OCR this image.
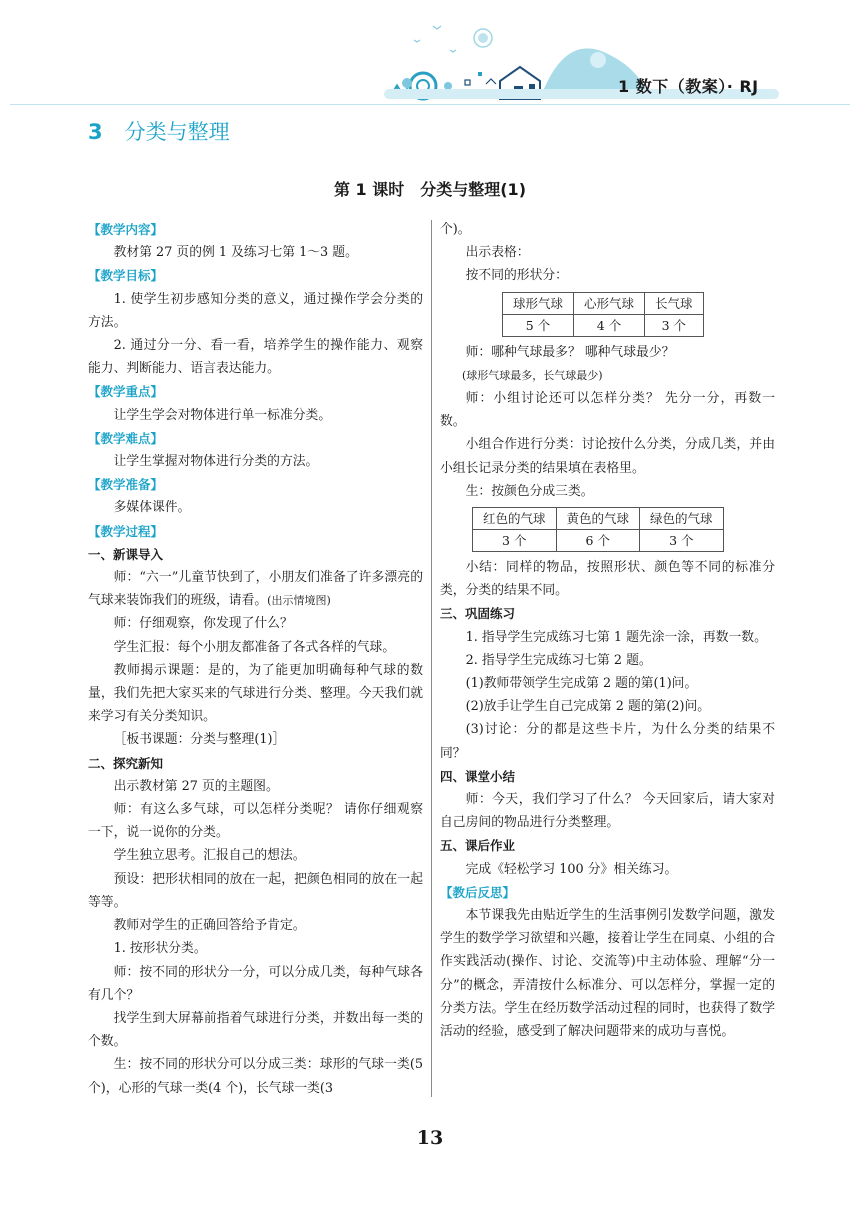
1 数下（教案）· RJ
3 分类与整理
第 1 课时　分类与整理(1)
【教学内容】
教材第 27 页的例 1 及练习七第 1～3 题。
【教学目标】
1. 使学生初步感知分类的意义，通过操作学会分类的方法。
2. 通过分一分、看一看，培养学生的操作能力、观察能力、判断能力、语言表达能力。
【教学重点】
让学生学会对物体进行单一标准分类。
【教学难点】
让学生掌握对物体进行分类的方法。
【教学准备】
多媒体课件。
【教学过程】
一、新课导入
师：“六一”儿童节快到了，小朋友们准备了许多漂亮的气球来装饰我们的班级，请看。(出示情境图)
师：仔细观察，你发现了什么？
学生汇报：每个小朋友都准备了各式各样的气球。
教师揭示课题：是的，为了能更加明确每种气球的数量，我们先把大家买来的气球进行分类、整理。今天我们就来学习有关分类知识。
［板书课题：分类与整理(1)］
二、探究新知
出示教材第 27 页的主题图。
师：有这么多气球，可以怎样分类呢？ 请你仔细观察一下，说一说你的分类。
学生独立思考。汇报自己的想法。
预设：把形状相同的放在一起，把颜色相同的放在一起等等。
教师对学生的正确回答给予肯定。
1. 按形状分类。
师：按不同的形状分一分，可以分成几类，每种气球各有几个？
找学生到大屏幕前指着气球进行分类，并数出每一类的个数。
生：按不同的形状分可以分成三类：球形的气球一类(5 个)，心形的气球一类(4 个)，长气球一类(3
个)。
出示表格：
按不同的形状分：
球形气球	心形气球	长气球
5 个	4 个	3 个
师：哪种气球最多？ 哪种气球最少？
(球形气球最多，长气球最少)
师：小组讨论还可以怎样分类？ 先分一分，再数一数。
小组合作进行分类：讨论按什么分类，分成几类，并由小组长记录分类的结果填在表格里。
生：按颜色分成三类。
红色的气球	黄色的气球	绿色的气球
3 个	6 个	3 个
小结：同样的物品，按照形状、颜色等不同的标准分类，分类的结果不同。
三、巩固练习
1. 指导学生完成练习七第 1 题先涂一涂，再数一数。
2. 指导学生完成练习七第 2 题。
(1)教师带领学生完成第 2 题的第(1)问。
(2)放手让学生自己完成第 2 题的第(2)问。
(3)讨论：分的都是这些卡片，为什么分类的结果不同？
四、课堂小结
师：今天，我们学习了什么？ 今天回家后，请大家对自己房间的物品进行分类整理。
五、课后作业
完成《轻松学习 100 分》相关练习。
【教后反思】
本节课我先由贴近学生的生活事例引发数学问题，激发学生的数学学习欲望和兴趣，接着让学生在同桌、小组的合作实践活动(操作、讨论、交流等)中主动体验、理解“分一分”的概念，弄清按什么标准分、可以怎样分，掌握一定的分类方法。学生在经历数学活动过程的同时，也获得了数学活动的经验，感受到了解决问题带来的成功与喜悦。
13
